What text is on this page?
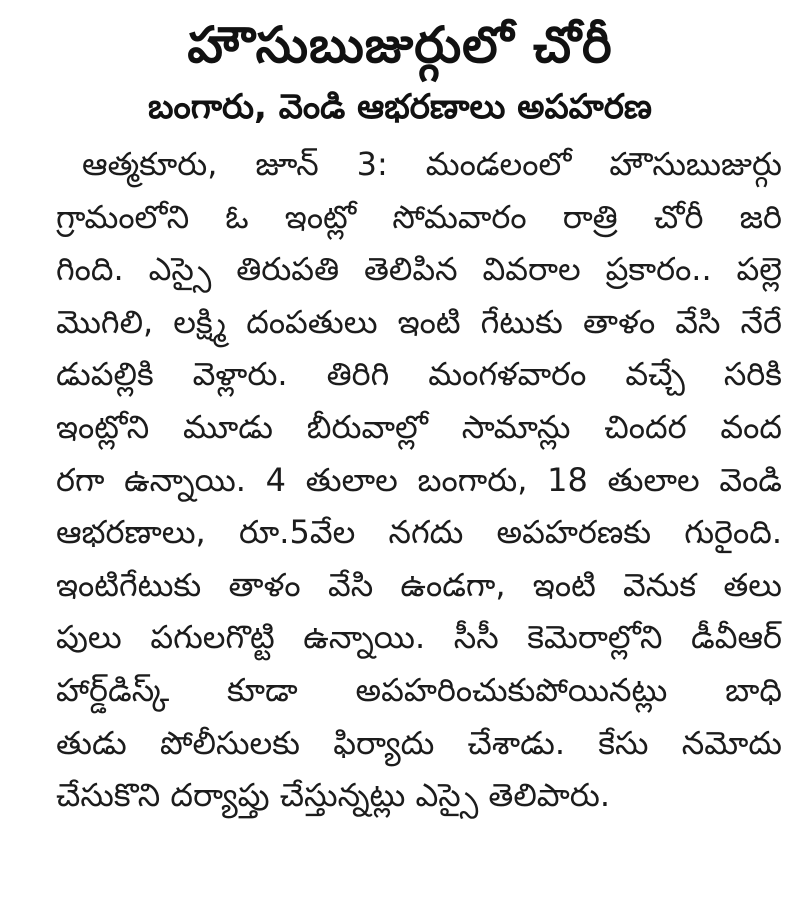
హౌసుబుజుర్గులో చోరీ
బంగారు, వెండి ఆభరణాలు అపహరణ
ఆత్మకూరు, జూన్ 3: మండలంలో హౌసుబుజుర్గు
గ్రామంలోని ఓ ఇంట్లో సోమవారం రాత్రి చోరీ జరి
గింది. ఎస్సై తిరుపతి తెలిపిన వివరాల ప్రకారం.. పల్లె
మొగిలి, లక్ష్మి దంపతులు ఇంటి గేటుకు తాళం వేసి నేరే
డుపల్లికి వెళ్లారు. తిరిగి మంగళవారం వచ్చే సరికి
ఇంట్లోని మూడు బీరువాల్లో సామాన్లు చిందర వంద
రగా ఉన్నాయి. 4 తులాల బంగారు, 18 తులాల వెండి
ఆభరణాలు, రూ.5వేల నగదు అపహరణకు గురైంది.
ఇంటిగేటుకు తాళం వేసి ఉండగా, ఇంటి వెనుక తలు
పులు పగులగొట్టి ఉన్నాయి. సీసీ కెమెరాల్లోని డీవీఆర్
హార్డ్‌డిస్క్ కూడా అపహరించుకుపోయినట్లు బాధి
తుడు పోలీసులకు ఫిర్యాదు చేశాడు. కేసు నమోదు
చేసుకొని దర్యాప్తు చేస్తున్నట్లు ఎస్సై తెలిపారు.
